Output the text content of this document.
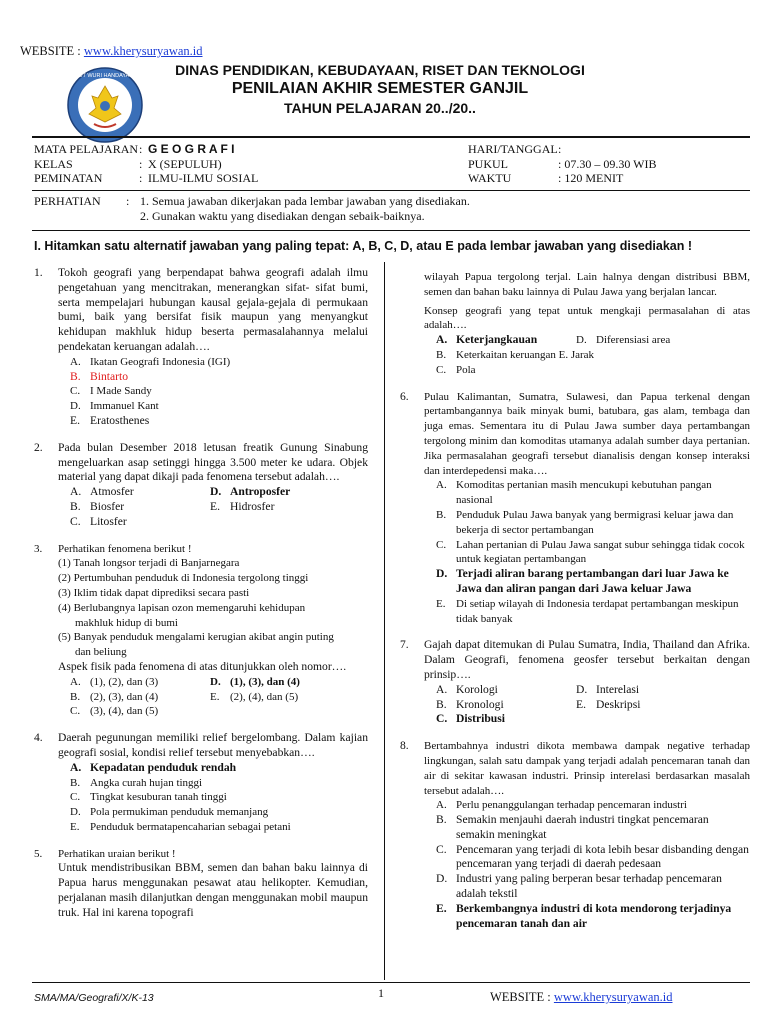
WEBSITE : www.kherysuryawan.id
TUT WURI HANDAYANI	DINAS PENDIDIKAN, KEBUDAYAAN, RISET DAN TEKNOLOGI
PENILAIAN AKHIR SEMESTER GANJIL
TAHUN PELAJARAN 20../20..
MATA PELAJARAN : G E O G R A F I
KELAS	: X (SEPULUH)
PEMINATAN	: ILMU-ILMU SOSIAL
HARI/TANGGAL :
PUKUL	: 07.30 – 09.30 WIB
WAKTU	: 120 MENIT
PERHATIAN : 1. Semua jawaban dikerjakan pada lembar jawaban yang disediakan.
2. Gunakan waktu yang disediakan dengan sebaik-baiknya.
I. Hitamkan satu alternatif jawaban yang paling tepat: A, B, C, D, atau E pada lembar jawaban yang disediakan !
1. Tokoh geografi yang berpendapat bahwa geografi adalah ilmu pengetahuan yang mencitrakan, menerangkan sifat- sifat bumi, serta mempelajari hubungan kausal gejala-gejala di permukaan bumi, baik yang bersifat fisik maupun yang menyangkut kehidupan makhluk hidup beserta permasalahannya melalui pendekatan keruangan adalah….
A. Ikatan Geografi Indonesia (IGI)
B. Bintarto
C. I Made Sandy
D. Immanuel Kant
E. Eratosthenes
2. Pada bulan Desember 2018 letusan freatik Gunung Sinabung mengeluarkan asap setinggi hingga 3.500 meter ke udara. Objek material yang dapat dikaji pada fenomena tersebut adalah….
A. Atmosfer	D. Antroposfer
B. Biosfer	E. Hidrosfer
C. Litosfer
3. Perhatikan fenomena berikut !
(1) Tanah longsor terjadi di Banjarnegara
(2) Pertumbuhan penduduk di Indonesia tergolong tinggi
(3) Iklim tidak dapat diprediksi secara pasti
(4) Berlubangnya lapisan ozon memengaruhi kehidupan
makhluk hidup di bumi
(5) Banyak penduduk mengalami kerugian akibat angin puting
dan beliung
Aspek fisik pada fenomena di atas ditunjukkan oleh nomor….
A. (1), (2), dan (3)	D. (1), (3), dan (4)
B. (2), (3), dan (4)	E. (2), (4), dan (5)
C. (3), (4), dan (5)
4. Daerah pegunungan memiliki relief bergelombang. Dalam kajian geografi sosial, kondisi relief tersebut menyebabkan….
A. Kepadatan penduduk rendah
B. Angka curah hujan tinggi
C. Tingkat kesuburan tanah tinggi
D. Pola permukiman penduduk memanjang
E. Penduduk bermatapencaharian sebagai petani
5. Perhatikan uraian berikut !
Untuk mendistribusikan BBM, semen dan bahan baku lainnya di Papua harus menggunakan pesawat atau helikopter. Kemudian, perjalanan masih dilanjutkan dengan menggunakan mobil maupun truk. Hal ini karena topografi
wilayah Papua tergolong terjal. Lain halnya dengan distribusi BBM, semen dan bahan baku lainnya di Pulau Jawa yang berjalan lancar.
Konsep geografi yang tepat untuk mengkaji permasalahan di atas adalah….
A. Keterjangkauan	D. Diferensiasi area
B. Keterkaitan keruangan E. Jarak
C. Pola
6. Pulau Kalimantan, Sumatra, Sulawesi, dan Papua terkenal dengan pertambangannya baik minyak bumi, batubara, gas alam, tembaga dan juga emas. Sementara itu di Pulau Jawa sumber daya pertambangan tergolong minim dan komoditas utamanya adalah sumber daya pertanian. Jika permasalahan geografi tersebut dianalisis dengan konsep interaksi dan interdepedensi maka….
A. Komoditas pertanian masih mencukupi kebutuhan pangan nasional
B. Penduduk Pulau Jawa banyak yang bermigrasi keluar jawa dan bekerja di sector pertambangan
C. Lahan pertanian di Pulau Jawa sangat subur sehingga tidak cocok untuk kegiatan pertambangan
D. Terjadi aliran barang pertambangan dari luar Jawa ke Jawa dan aliran pangan dari Jawa keluar Jawa
E. Di setiap wilayah di Indonesia terdapat pertambangan meskipun tidak banyak
7. Gajah dapat ditemukan di Pulau Sumatra, India, Thailand dan Afrika. Dalam Geografi, fenomena geosfer tersebut berkaitan dengan prinsip….
A. Korologi	D. Interelasi
B. Kronologi	E. Deskripsi
C. Distribusi
8. Bertambahnya industri dikota membawa dampak negative terhadap lingkungan, salah satu dampak yang terjadi adalah pencemaran tanah dan air di sekitar kawasan industri. Prinsip interelasi berdasarkan masalah tersebut adalah….
A. Perlu penanggulangan terhadap pencemaran industri
B. Semakin menjauhi daerah industri tingkat pencemaran semakin meningkat
C. Pencemaran yang terjadi di kota lebih besar disbanding dengan pencemaran yang terjadi di daerah pedesaan
D. Industri yang paling berperan besar terhadap pencemaran adalah tekstil
E. Berkembangnya industri di kota mendorong terjadinya pencemaran tanah dan air
SMA/MA/Geografi/X/K-13	1	WEBSITE : www.kherysuryawan.id
